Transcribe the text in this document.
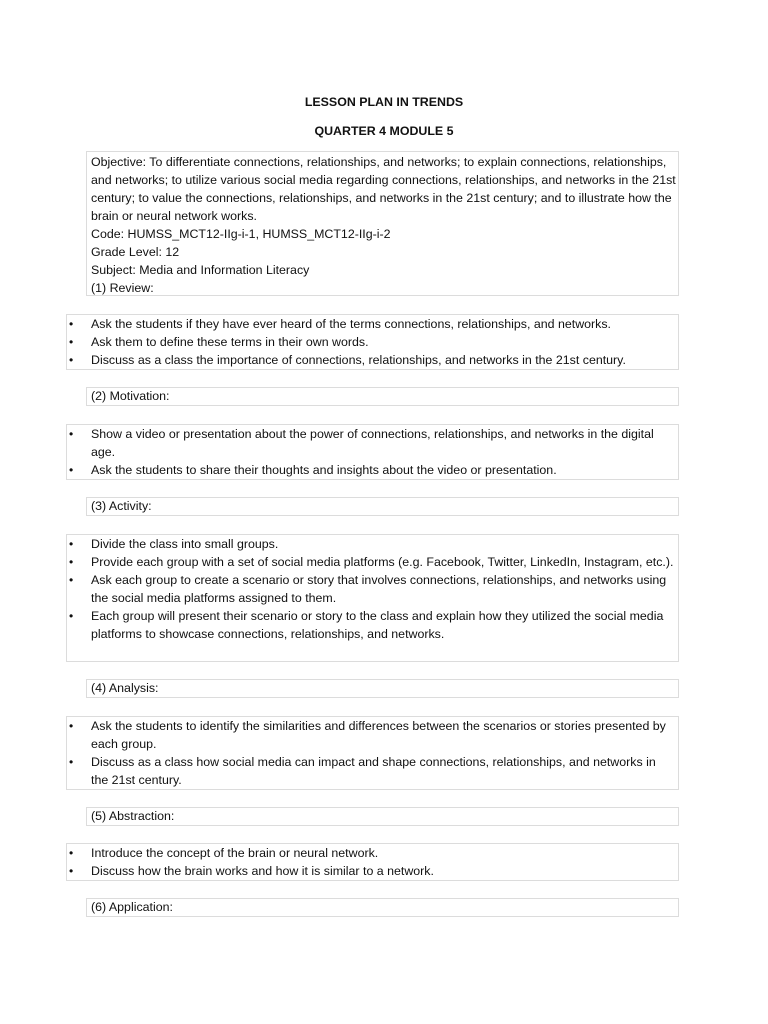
LESSON PLAN IN TRENDS
QUARTER 4 MODULE 5

Objective: To differentiate connections, relationships, and networks; to explain connections, relationships, and networks; to utilize various social media regarding connections, relationships, and networks in the 21st century; to value the connections, relationships, and networks in the 21st century; and to illustrate how the brain or neural network works.

Code: HUMSS_MCT12-IIg-i-1, HUMSS_MCT12-IIg-i-2

Grade Level: 12

Subject: Media and Information Literacy

(1) Review:

• Ask the students if they have ever heard of the terms connections, relationships, and networks.
• Ask them to define these terms in their own words.
• Discuss as a class the importance of connections, relationships, and networks in the 21st century.
(2) Motivation:
• Show a video or presentation about the power of connections, relationships, and networks in the digital age.
• Ask the students to share their thoughts and insights about the video or presentation.
(3) Activity:
• Divide the class into small groups.
• Provide each group with a set of social media platforms (e.g. Facebook, Twitter, LinkedIn, Instagram, etc.).
• Ask each group to create a scenario or story that involves connections, relationships, and networks using the social media platforms assigned to them.
• Each group will present their scenario or story to the class and explain how they utilized the social media platforms to showcase connections, relationships, and networks.
(4) Analysis:
• Ask the students to identify the similarities and differences between the scenarios or stories presented by each group.
• Discuss as a class how social media can impact and shape connections, relationships, and networks in the 21st century.
(5) Abstraction:
• Introduce the concept of the brain or neural network.
• Discuss how the brain works and how it is similar to a network.
(6) Application:
